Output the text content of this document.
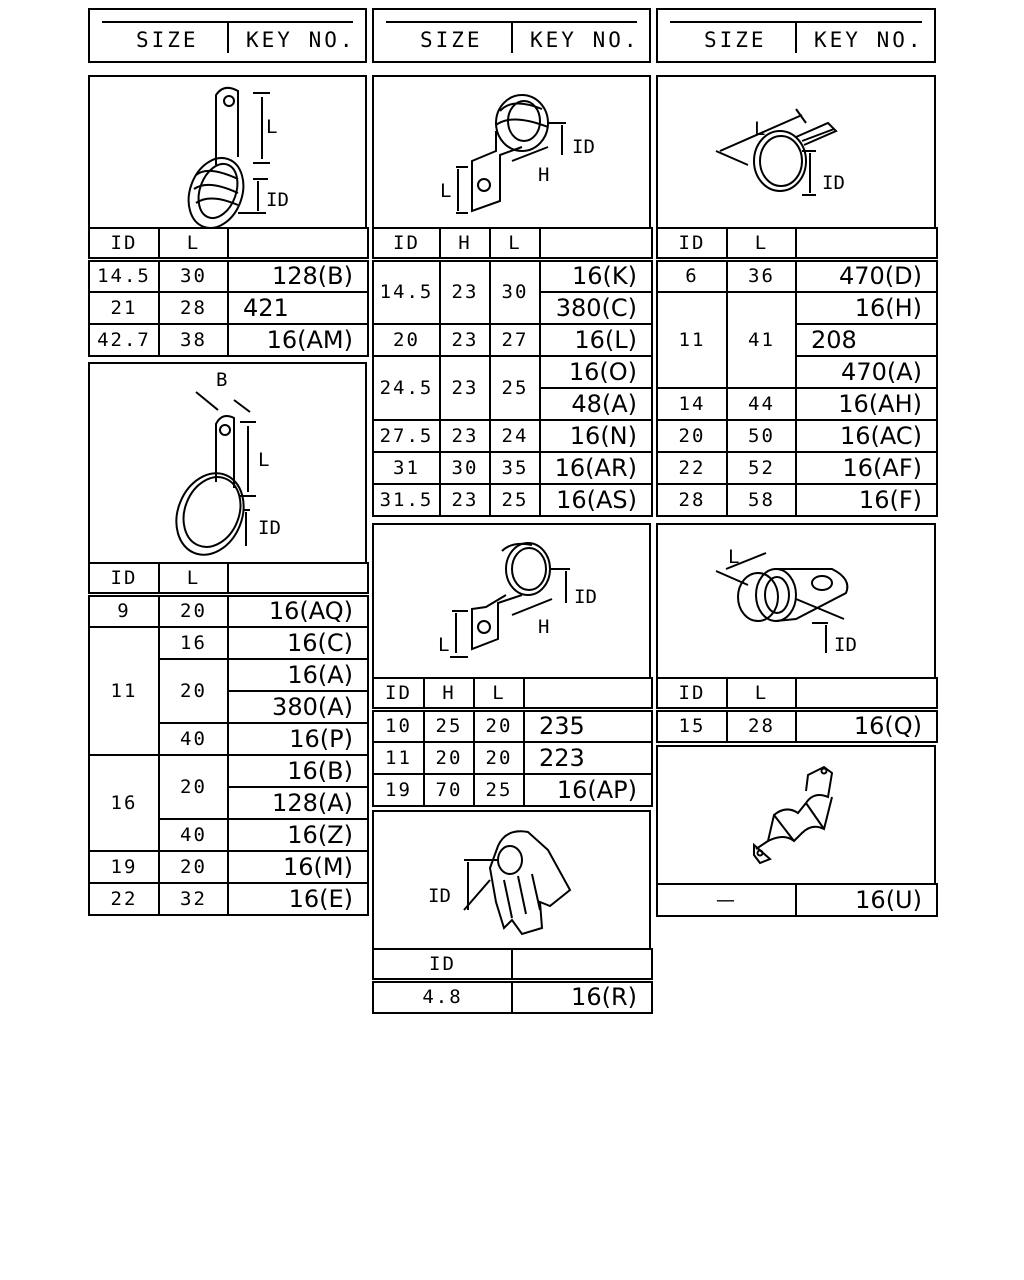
SIZE KEY NO.	SIZE KEY NO.	SIZE KEY NO.
L
ID
ID	L	
14.5	30	128(B)
21	28	421
42.7	38	16(AM)
B
L
ID
ID	L	
9	20	16(AQ)
11	16	16(C)
	20	16(A)
		380(A)
	40	16(P)
16	20	16(B)
		128(A)
	40	16(Z)
19	20	16(M)
22	32	16(E)
L
H
ID
ID	H	L	
14.5	23	30	16(K)
			380(C)
20	23	27	16(L)
24.5	23	25	16(O)
			48(A)
27.5	23	24	16(N)
31	30	35	16(AR)
31.5	23	25	16(AS)
L
H
ID
ID	H	L	
10	25	20	235
11	20	20	223
19	70	25	16(AP)
ID
ID	
4.8	16(R)
L
ID
ID	L	
6	36	470(D)
11	41	16(H)
		208
		470(A)
14	44	16(AH)
20	50	16(AC)
22	52	16(AF)
28	58	16(F)
L
ID
ID	L	
15	28	16(Q)
—	16(U)
